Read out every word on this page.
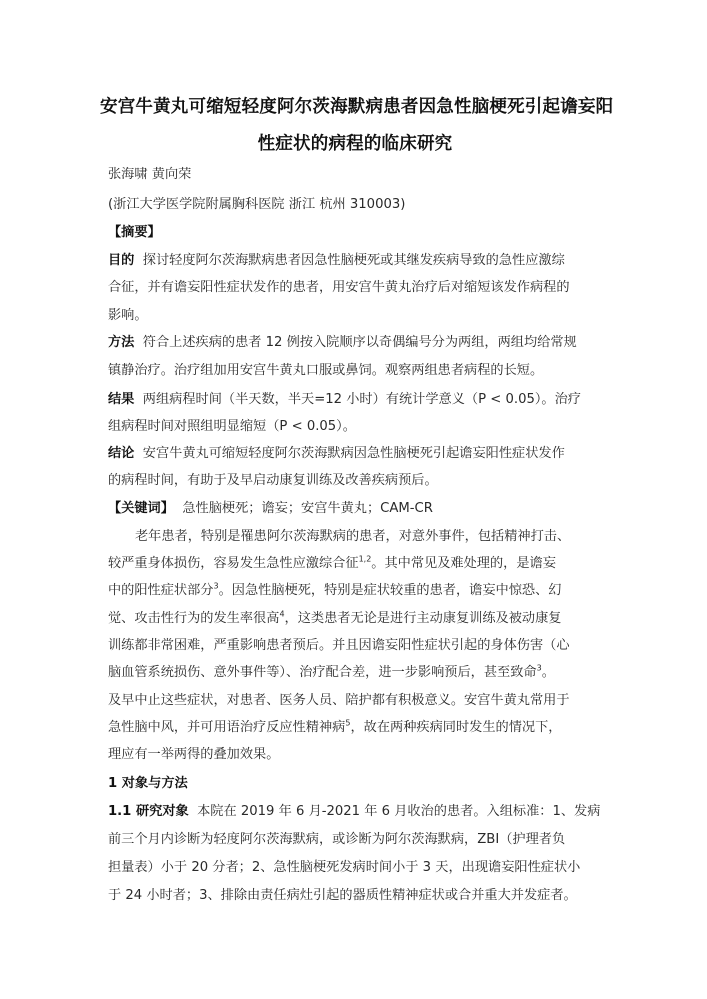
安宫牛黄丸可缩短轻度阿尔茨海默病患者因急性脑梗死引起谵妄阳
性症状的病程的临床研究
张海啸 黄向荣
(浙江大学医学院附属胸科医院 浙江 杭州 310003)
【摘要】
目的 探讨轻度阿尔茨海默病患者因急性脑梗死或其继发疾病导致的急性应激综
合征，并有谵妄阳性症状发作的患者，用安宫牛黄丸治疗后对缩短该发作病程的
影响。
方法 符合上述疾病的患者 12 例按入院顺序以奇偶编号分为两组，两组均给常规
镇静治疗。治疗组加用安宫牛黄丸口服或鼻饲。观察两组患者病程的长短。
结果 两组病程时间（半天数，半天=12 小时）有统计学意义（P < 0.05）。治疗
组病程时间对照组明显缩短（P < 0.05）。
结论 安宫牛黄丸可缩短轻度阿尔茨海默病因急性脑梗死引起谵妄阳性症状发作
的病程时间，有助于及早启动康复训练及改善疾病预后。
【关键词】 急性脑梗死；谵妄；安宫牛黄丸；CAM-CR
老年患者，特别是罹患阿尔茨海默病的患者，对意外事件，包括精神打击、
较严重身体损伤，容易发生急性应激综合征$^{1,2}$。其中常见及难处理的，是谵妄
中的阳性症状部分$^3$。因急性脑梗死，特别是症状较重的患者，谵妄中惊恐、幻
觉、攻击性行为的发生率很高$^4$，这类患者无论是进行主动康复训练及被动康复
训练都非常困难，严重影响患者预后。并且因谵妄阳性症状引起的身体伤害（心
脑血管系统损伤、意外事件等）、治疗配合差，进一步影响预后，甚至致命$^3$。
及早中止这些症状，对患者、医务人员、陪护都有积极意义。安宫牛黄丸常用于
急性脑中风，并可用语治疗反应性精神病$^5$，故在两种疾病同时发生的情况下，
理应有一举两得的叠加效果。
1 对象与方法
1.1 研究对象 本院在 2019 年 6 月-2021 年 6 月收治的患者。入组标准：1、发病
前三个月内诊断为轻度阿尔茨海默病，或诊断为阿尔茨海默病，ZBI（护理者负
担量表）小于 20 分者；2、急性脑梗死发病时间小于 3 天，出现谵妄阳性症状小
于 24 小时者；3、排除由责任病灶引起的器质性精神症状或合并重大并发症者。
